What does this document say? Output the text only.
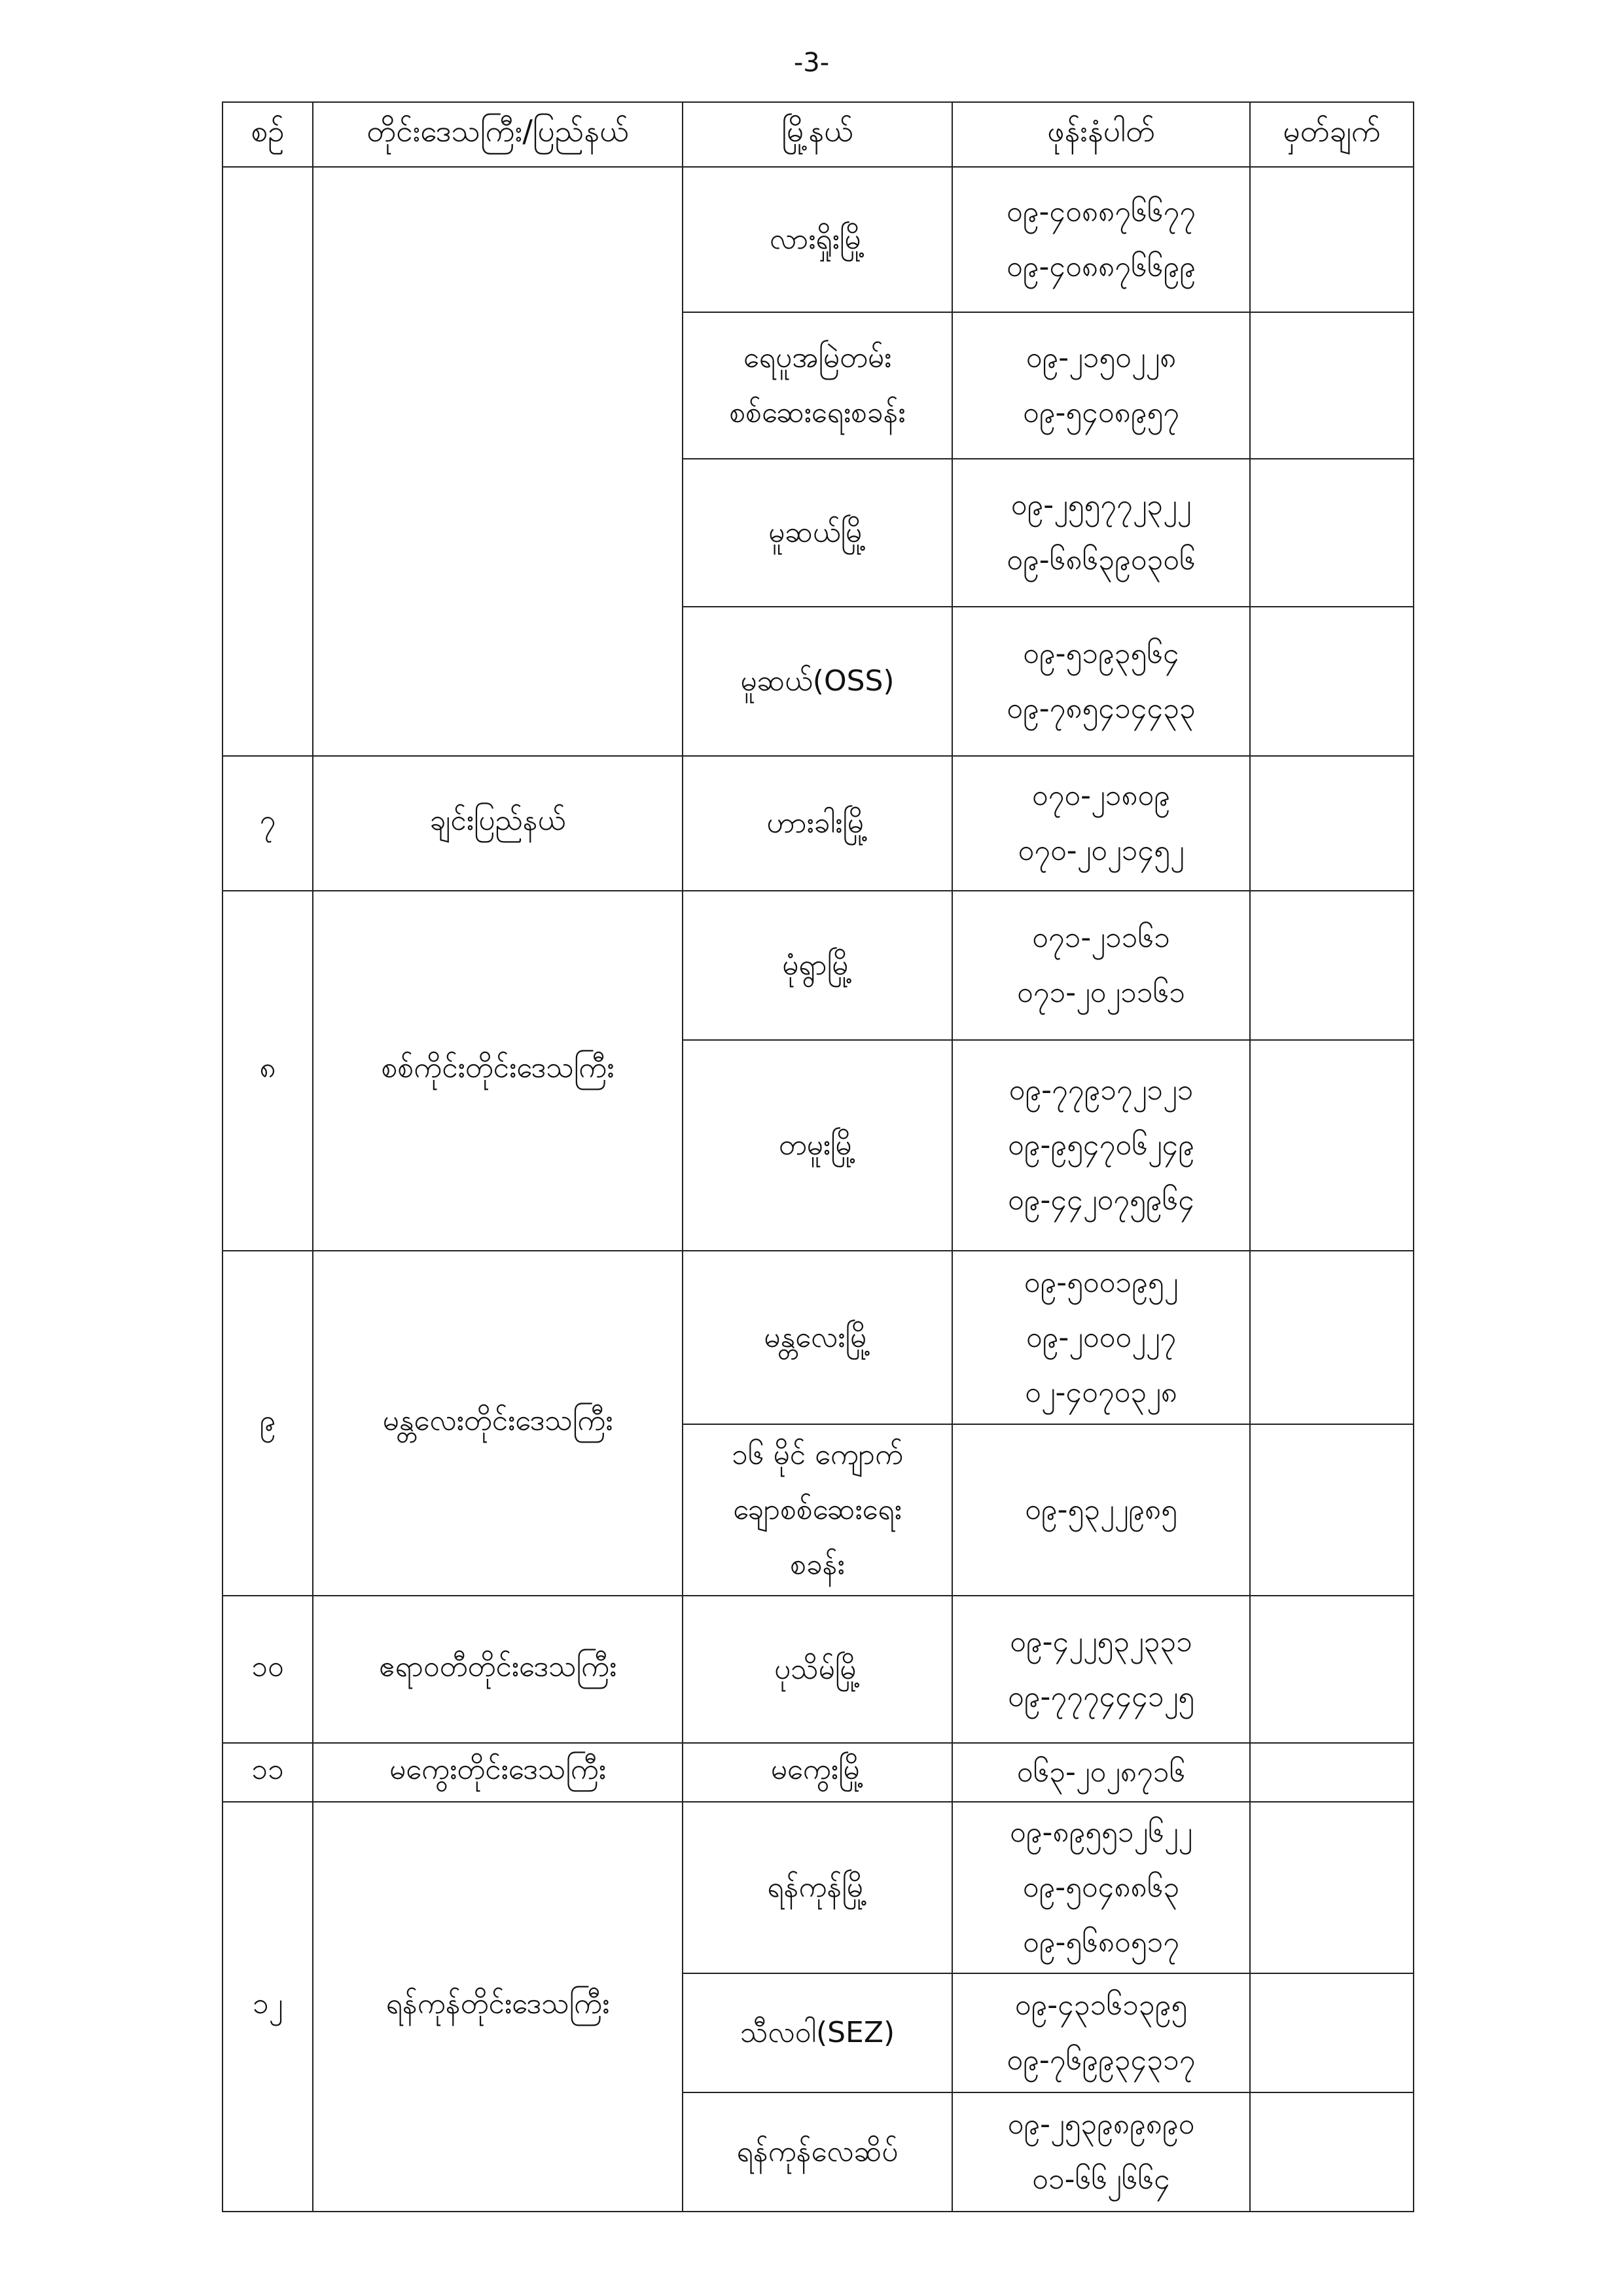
-3-
စဉ်	တိုင်းဒေသကြီး/ပြည်နယ်	မြို့နယ်	ဖုန်းနံပါတ်	မှတ်ချက်

		လားရှိုးမြို့	၀၉-၄၀၈၈၇၆၆၇၇
၀၉-၄၀၈၈၇၆၆၉၉	

		ရေပူအမြဲတမ်း
စစ်ဆေးရေးစခန်း	၀၉-၂၁၅၀၂၂၈
၀၉-၅၄၀၈၉၅၇	

		မူဆယ်မြို့	၀၉-၂၅၅၇၇၂၃၂၂
၀၉-၆၈၆၃၉၀၃၀၆	

		မူဆယ်(OSS)	၀၉-၅၁၉၃၅၆၄
၀၉-၇၈၅၄၁၄၄၃၃	

၇	ချင်းပြည်နယ်	ဟားခါးမြို့	၀၇၀-၂၁၈၀၉
၀၇၀-၂၀၂၁၄၅၂	

၈	စစ်ကိုင်းတိုင်းဒေသကြီး	မုံရွာမြို့	၀၇၁-၂၁၁၆၁
၀၇၁-၂၀၂၁၁၆၁	

		တမူးမြို့	၀၉-၇၇၉၁၇၂၁၂၁
၀၉-၉၅၄၇၀၆၂၄၉
၀၉-၄၄၂၀၇၅၉၆၄	

၉	မန္တလေးတိုင်းဒေသကြီး	မန္တလေးမြို့	၀၉-၅၀၀၁၉၅၂
၀၉-၂၀၀၀၂၂၇
၀၂-၄၀၇၀၃၂၈	

		၁၆ မိုင် ကျောက်
ချောစစ်ဆေးရေး
စခန်း	၀၉-၅၃၂၂၉၈၅	

၁၀	ဧရာဝတီတိုင်းဒေသကြီး	ပုသိမ်မြို့	၀၉-၄၂၂၅၃၂၃၃၁
၀၉-၇၇၇၄၄၄၁၂၅	

၁၁	မကွေးတိုင်းဒေသကြီး	မကွေးမြို့	၀၆၃-၂၀၂၈၇၁၆	

၁၂	ရန်ကုန်တိုင်းဒေသကြီး	ရန်ကုန်မြို့	၀၉-၈၉၅၅၁၂၆၂၂
၀၉-၅၀၄၈၈၆၃
၀၉-၅၆၈၀၅၁၇	

		သီလဝါ(SEZ)	၀၉-၄၃၁၆၁၃၉၅
၀၉-၇၆၉၉၃၄၃၁၇	

		ရန်ကုန်လေဆိပ်	၀၉-၂၅၃၉၈၉၈၉၀
၀၁-၆၆၂၆၆၄	
